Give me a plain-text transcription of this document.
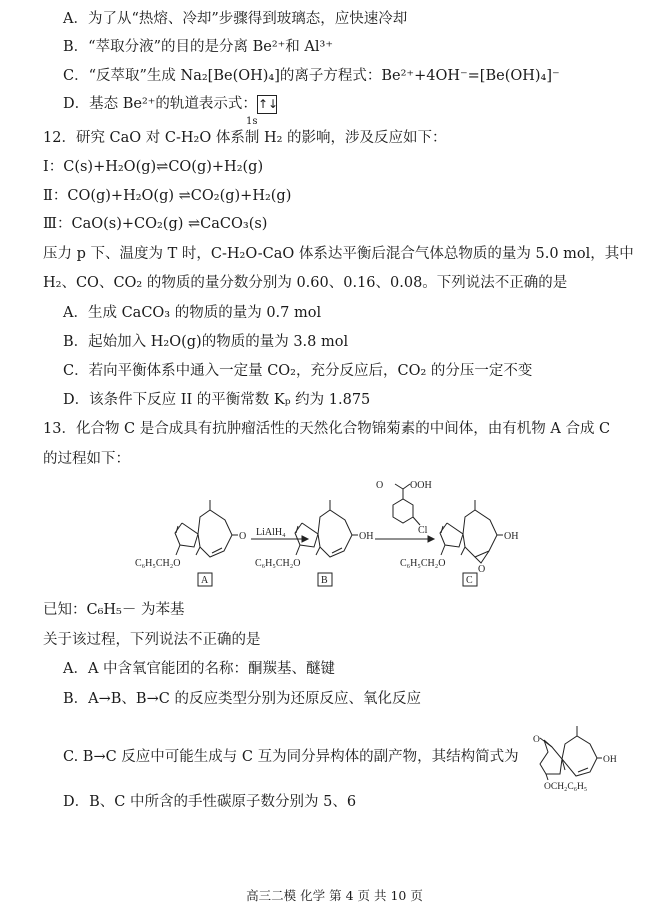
A．为了从“热熔、冷却”步骤得到玻璃态，应快速冷却
B．“萃取分液”的目的是分离 Be²⁺和 Al³⁺
C．“反萃取”生成 Na₂[Be(OH)₄]的离子方程式：Be²⁺+4OH⁻=[Be(OH)₄]⁻
D．基态 Be²⁺的轨道表示式：↑↓
1s
12．研究 CaO 对 C-H₂O 体系制 H₂ 的影响，涉及反应如下：
Ⅰ：C(s)+H₂O(g)⇌CO(g)+H₂(g)
Ⅱ：CO(g)+H₂O(g) ⇌CO₂(g)+H₂(g)
Ⅲ：CaO(s)+CO₂(g) ⇌CaCO₃(s)
压力 p 下、温度为 T 时，C-H₂O-CaO 体系达平衡后混合气体总物质的量为 5.0 mol，其中
H₂、CO、CO₂ 的物质的量分数分别为 0.60、0.16、0.08。下列说法不正确的是
A．生成 CaCO₃ 的物质的量为 0.7 mol
B．起始加入 H₂O(g)的物质的量为 3.8 mol
C．若向平衡体系中通入一定量 CO₂，充分反应后，CO₂ 的分压一定不变
D．该条件下反应 II 的平衡常数 Kₚ 约为 1.875
13．化合物 C 是合成具有抗肿瘤活性的天然化合物锦菊素的中间体，由有机物 A 合成 C
的过程如下：
O
C₆H₅CH₂O
A
LiAlH₄	OH
C₆H₅CH₂O
B
O	OOH
Cl
OH
O
C₆H₅CH₂O
C
已知：C₆H₅－ 为苯基
关于该过程，下列说法不正确的是
A．A 中含氧官能团的名称：酮羰基、醚键
B．A→B、B→C 的反应类型分别为还原反应、氧化反应
C. B→C 反应中可能生成与 C 互为同分异构体的副产物，其结构简式为
O
OH
OCH₂C₆H₅
D．B、C 中所含的手性碳原子数分别为 5、6
高三二模 化学 第 4 页 共 10 页
